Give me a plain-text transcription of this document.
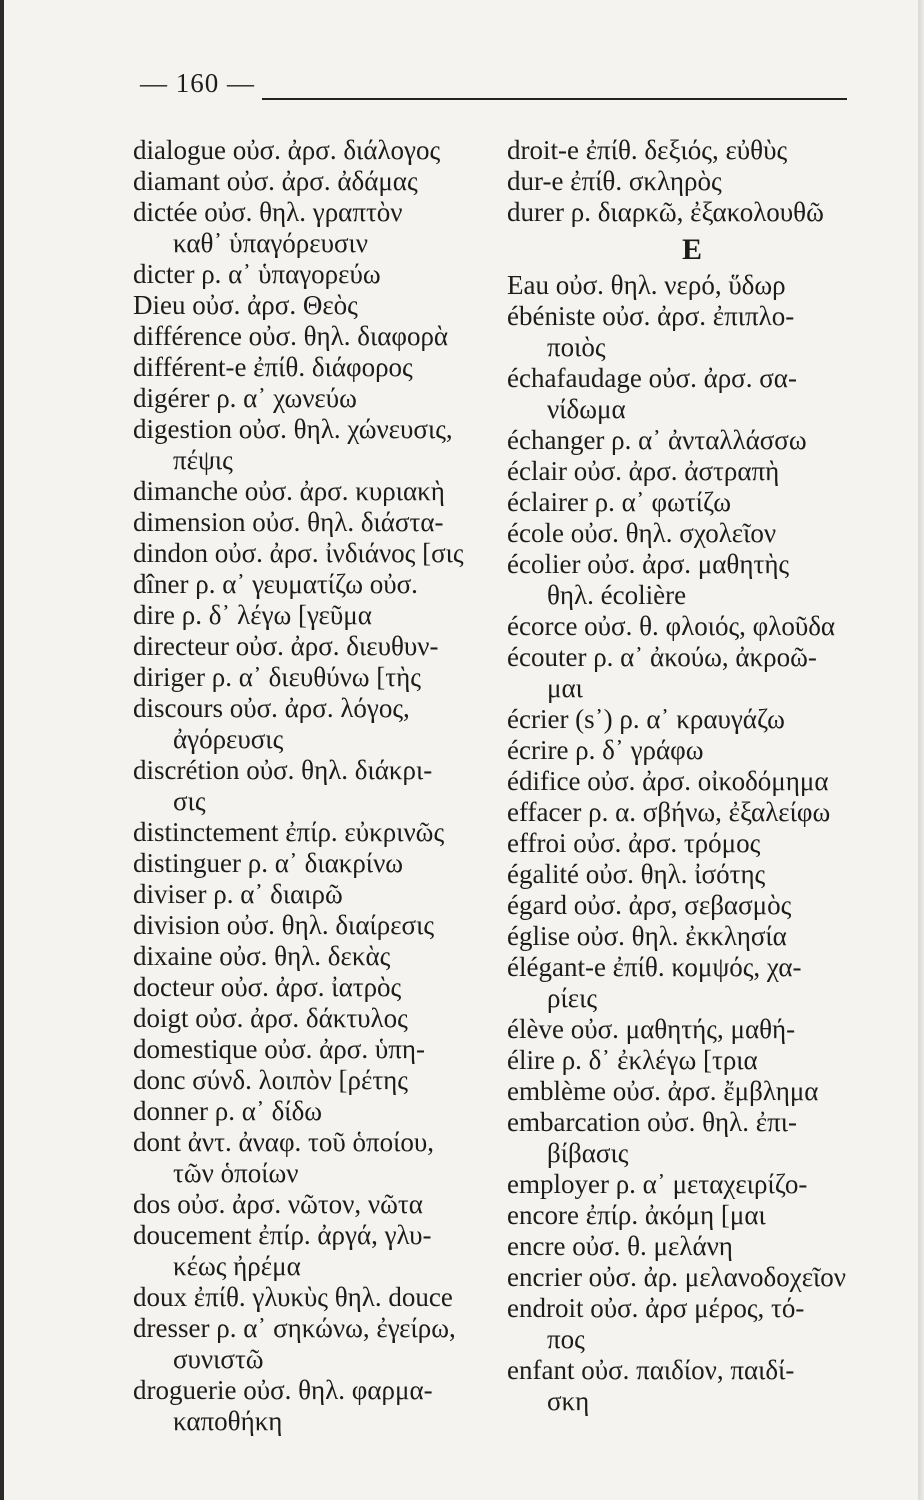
— 160 —
dialogue οὐσ. ἀρσ. διάλογος
diamant οὐσ. ἀρσ. ἀδάμας
dictée οὐσ. θηλ. γραπτὸν
καθ᾿ ὑπαγόρευσιν
dicter ρ. α᾿ ὑπαγορεύω
Dieu οὐσ. ἀρσ. Θεὸς
différence οὐσ. θηλ. διαφορὰ
différent-e ἐπίθ. διάφορος
digérer ρ. α᾿ χωνεύω
digestion οὐσ. θηλ. χώνευσις,
πέψις
dimanche οὐσ. ἀρσ. κυριακὴ
dimension οὐσ. θηλ. διάστα-
dindon οὐσ. ἀρσ. ἰνδιάνος [σις
dîner ρ. α᾿ γευματίζω οὐσ.
dire ρ. δ᾿ λέγω [γεῦμα
directeur οὐσ. ἀρσ. διευθυν-
diriger ρ. α᾿ διευθύνω [τὴς
discours οὐσ. ἀρσ. λόγος,
ἀγόρευσις
discrétion οὐσ. θηλ. διάκρι-
σις
distinctement ἐπίρ. εὐκρινῶς
distinguer ρ. α᾿ διακρίνω
diviser ρ. α᾿ διαιρῶ
division οὐσ. θηλ. διαίρεσις
dixaine οὐσ. θηλ. δεκὰς
docteur οὐσ. ἀρσ. ἰατρὸς
doigt οὐσ. ἀρσ. δάκτυλος
domestique οὐσ. ἀρσ. ὑπη-
donc σύνδ. λοιπὸν [ρέτης
donner ρ. α᾿ δίδω
dont ἀντ. ἀναφ. τοῦ ὁποίου,
τῶν ὁποίων
dos οὐσ. ἀρσ. νῶτον, νῶτα
doucement ἐπίρ. ἀργά, γλυ-
κέως ἠρέμα
doux ἐπίθ. γλυκὺς θηλ. douce
dresser ρ. α᾿ σηκώνω, ἐγείρω,
συνιστῶ
droguerie οὐσ. θηλ. φαρμα-
καποθήκη
droit-e ἐπίθ. δεξιός, εὐθὺς
dur-e ἐπίθ. σκληρὸς
durer ρ. διαρκῶ, ἐξακολουθῶ
E
Eau οὐσ. θηλ. νερό, ὕδωρ
ébéniste οὐσ. ἀρσ. ἐπιπλο-
ποιὸς
échafaudage οὐσ. ἀρσ. σα-
νίδωμα
échanger ρ. α᾿ ἀνταλλάσσω
éclair οὐσ. ἀρσ. ἀστραπὴ
éclairer ρ. α᾿ φωτίζω
école οὐσ. θηλ. σχολεῖον
écolier οὐσ. ἀρσ. μαθητὴς
θηλ. écolière
écorce οὐσ. θ. φλοιός, φλοῦδα
écouter ρ. α᾿ ἀκούω, ἀκροῶ-
μαι
écrier (s᾿) ρ. α᾿ κραυγάζω
écrire ρ. δ᾿ γράφω
édifice οὐσ. ἀρσ. οἰκοδόμημα
effacer ρ. α. σβήνω, ἐξαλείφω
effroi οὐσ. ἀρσ. τρόμος
égalité οὐσ. θηλ. ἰσότης
égard οὐσ. ἀρσ, σεβασμὸς
église οὐσ. θηλ. ἐκκλησία
élégant-e ἐπίθ. κομψός, χα-
ρίεις
élève οὐσ. μαθητής, μαθή-
élire ρ. δ᾿ ἐκλέγω [τρια
emblème οὐσ. ἀρσ. ἔμβλημα
embarcation οὐσ. θηλ. ἐπι-
βίβασις
employer ρ. α᾿ μεταχειρίζο-
encore ἐπίρ. ἀκόμη [μαι
encre οὐσ. θ. μελάνη
encrier οὐσ. ἀρ. μελανοδοχεῖον
endroit οὐσ. ἀρσ μέρος, τό-
πος
enfant οὐσ. παιδίον, παιδί-
σκη
